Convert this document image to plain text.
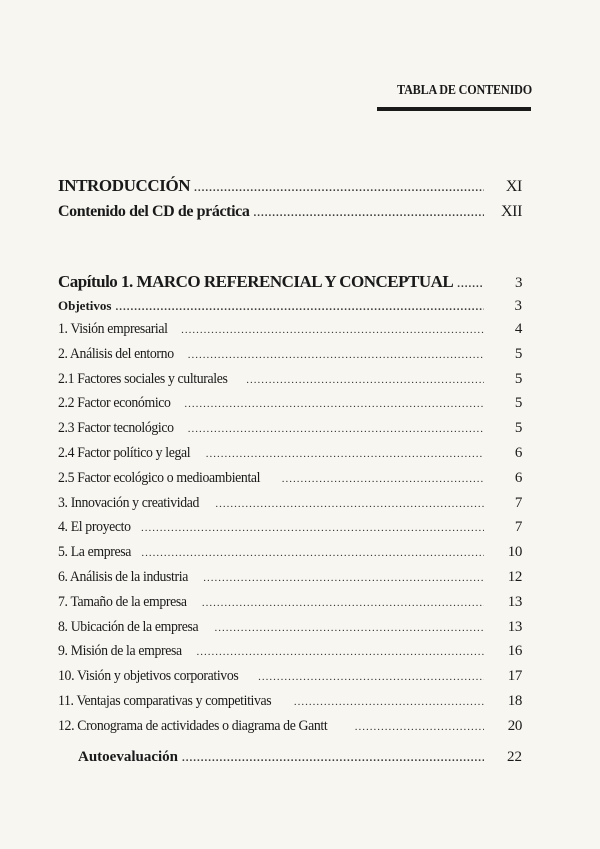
TABLA DE CONTENIDO
INTRODUCCIÓN .....	XI
Contenido del CD de práctica .....	XII
Capítulo 1. MARCO REFERENCIAL Y CONCEPTUAL .....	3
Objetivos .....	3
1. Visión empresarial .....	4
2. Análisis del entorno .....	5
2.1 Factores sociales y culturales .....	5
2.2 Factor económico .....	5
2.3 Factor tecnológico .....	5
2.4 Factor político y legal .....	6
2.5 Factor ecológico o medioambiental .....	6
3. Innovación y creatividad .....	7
4. El proyecto .....	7
5. La empresa .....	10
6. Análisis de la industria .....	12
7. Tamaño de la empresa .....	13
8. Ubicación de la empresa .....	13
9. Misión de la empresa .....	16
10. Visión y objetivos corporativos .....	17
11. Ventajas comparativas y competitivas .....	18
12. Cronograma de actividades o diagrama de Gantt .....	20
Autoevaluación .....	22
